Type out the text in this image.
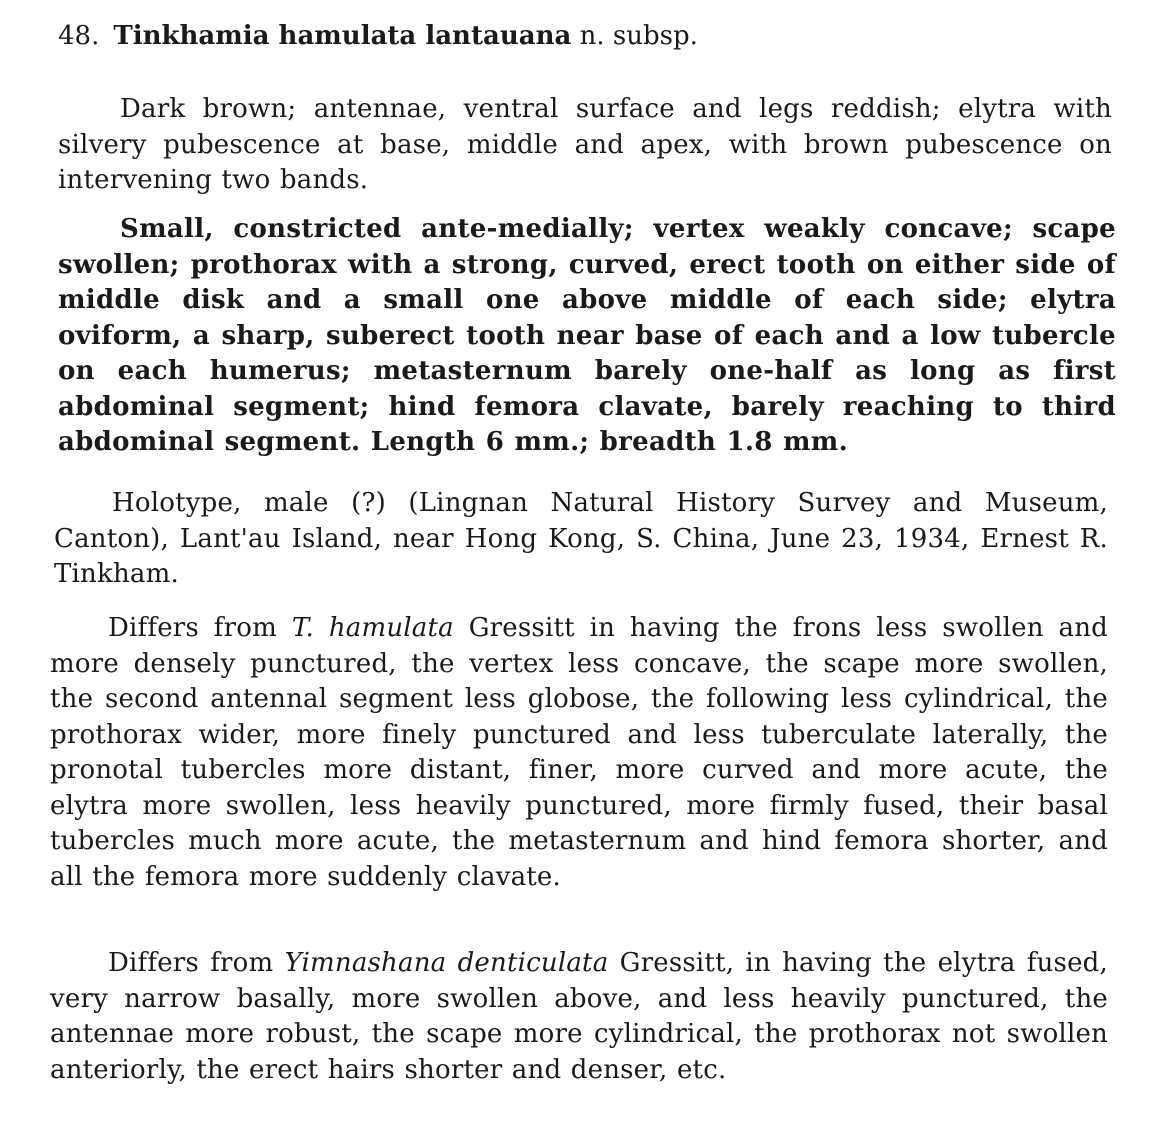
48. Tinkhamia hamulata lantauana n. subsp.

Dark brown; antennae, ventral surface and legs reddish; elytra with silvery pubescence at base, middle and apex, with brown pubescence on intervening two bands.

Small, constricted ante-medially; vertex weakly concave; scape swollen; prothorax with a strong, curved, erect tooth on either side of middle disk and a small one above middle of each side; elytra oviform, a sharp, suberect tooth near base of each and a low tubercle on each humerus; metasternum barely one-half as long as first abdominal segment; hind femora clavate, barely reaching to third abdominal segment. Length 6 mm.; breadth 1.8 mm.

Holotype, male (?) (Lingnan Natural History Survey and Museum, Canton), Lant'au Island, near Hong Kong, S. China, June 23, 1934, Ernest R. Tinkham.

Differs from T. hamulata Gressitt in having the frons less swollen and more densely punctured, the vertex less concave, the scape more swollen, the second antennal segment less globose, the following less cylindrical, the prothorax wider, more finely punctured and less tuberculate laterally, the pronotal tubercles more distant, finer, more curved and more acute, the elytra more swollen, less heavily punctured, more firmly fused, their basal tubercles much more acute, the metasternum and hind femora shorter, and all the femora more suddenly clavate.

Differs from Yimnashana denticulata Gressitt, in having the elytra fused, very narrow basally, more swollen above, and less heavily punctured, the antennae more robust, the scape more cylindrical, the prothorax not swollen anteriorly, the erect hairs shorter and denser, etc.
